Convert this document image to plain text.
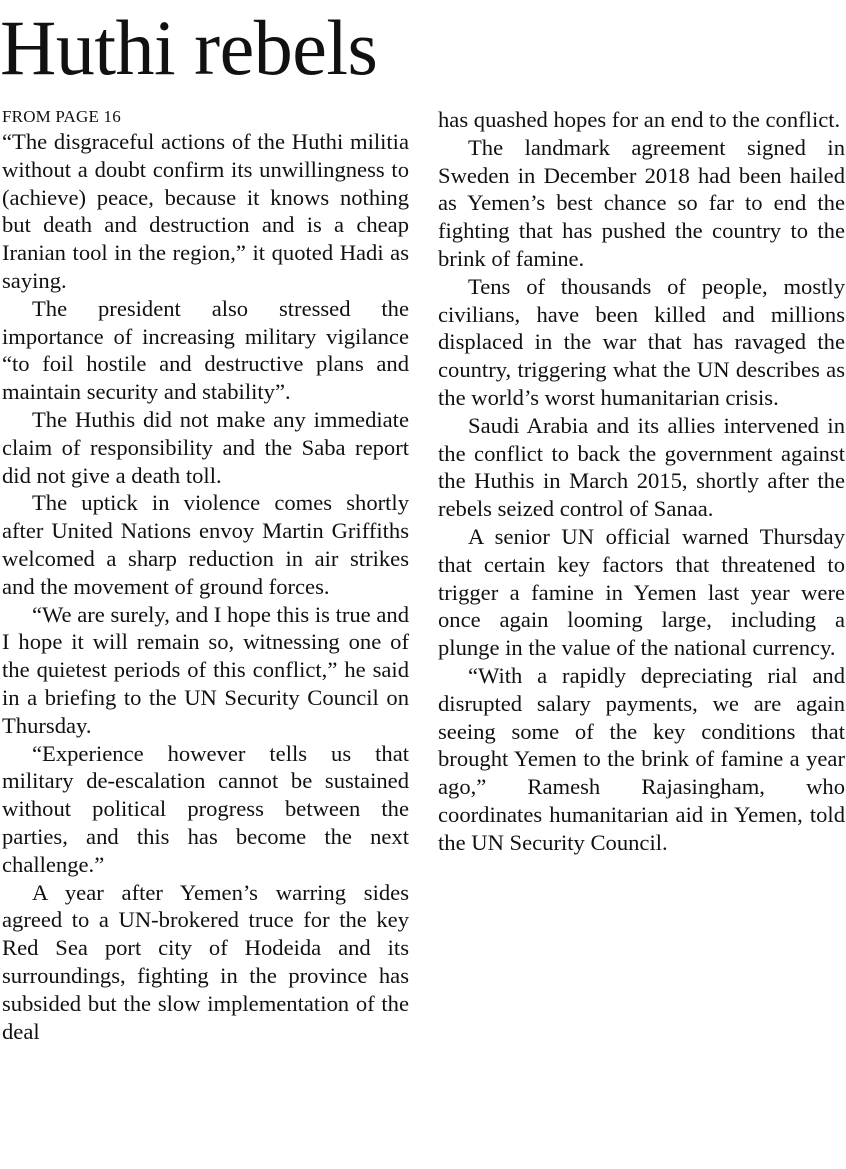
Huthi rebels
FROM PAGE 16

“The disgraceful actions of the Huthi militia without a doubt confirm its unwillingness to (achieve) peace, because it knows nothing but death and destruction and is a cheap Iranian tool in the region,” it quoted Hadi as saying.

The president also stressed the importance of increasing military vigilance “to foil hostile and destructive plans and maintain security and stability”.

The Huthis did not make any immediate claim of responsibility and the Saba report did not give a death toll.

The uptick in violence comes shortly after United Nations envoy Martin Griffiths welcomed a sharp reduction in air strikes and the movement of ground forces.

“We are surely, and I hope this is true and I hope it will remain so, witnessing one of the quietest periods of this conflict,” he said in a briefing to the UN Security Council on Thursday.

“Experience however tells us that military de-escalation cannot be sustained without political progress between the parties, and this has become the next challenge.”

A year after Yemen’s warring sides agreed to a UN-brokered truce for the key Red Sea port city of Hodeida and its surroundings, fighting in the province has subsided but the slow implementation of the deal

has quashed hopes for an end to the conflict.

The landmark agreement signed in Sweden in December 2018 had been hailed as Yemen’s best chance so far to end the fighting that has pushed the country to the brink of famine.

Tens of thousands of people, mostly civilians, have been killed and millions displaced in the war that has ravaged the country, triggering what the UN describes as the world’s worst humanitarian crisis.

Saudi Arabia and its allies intervened in the conflict to back the government against the Huthis in March 2015, shortly after the rebels seized control of Sanaa.

A senior UN official warned Thursday that certain key factors that threatened to trigger a famine in Yemen last year were once again looming large, including a plunge in the value of the national currency.

“With a rapidly depreciating rial and disrupted salary payments, we are again seeing some of the key conditions that brought Yemen to the brink of famine a year ago,” Ramesh Rajasingham, who coordinates humanitarian aid in Yemen, told the UN Security Council.
